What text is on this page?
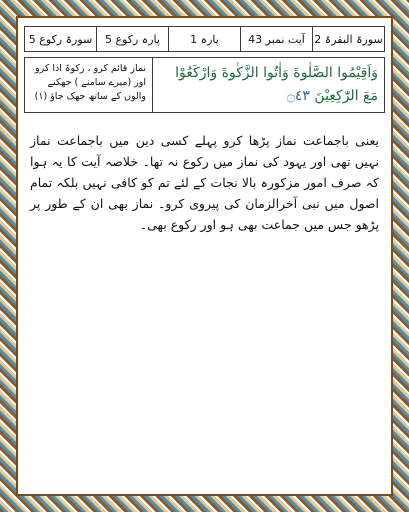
سورۃ البقرۃ 2
آیت نمبر 43
پارہ 1
پارہ رکوع 5
سورۃ رکوع 5
وَاَقِيْمُوا الصَّلٰوةَ وَاٰتُوا الزَّكٰوةَ وَارْكَعُوْا
مَعَ الرّٰكِعِيْنَ ۝٤٣
نماز قائم کرو ، زکوۃ ادا کرو اور (میرے سامنے ) جھکنے والوں کے ساتھ جھک جاؤ (۱)
یعنی باجماعت نماز پڑھا کرو پہلے کسی دین میں باجماعت نماز نہیں تھی اور یہود کی نماز میں رکوع نہ تھا۔ خلاصہ آیت کا یہ ہوا کہ صرف امور مزکورہ بالا نجات کے لئے تم کو کافی نہیں بلکہ تمام اصول میں نبی آخرالزمان کی پیروی کرو۔ نماز بھی ان کے طور پر پڑھو جس میں جماعت بھی ہو اور رکوع بھی۔
